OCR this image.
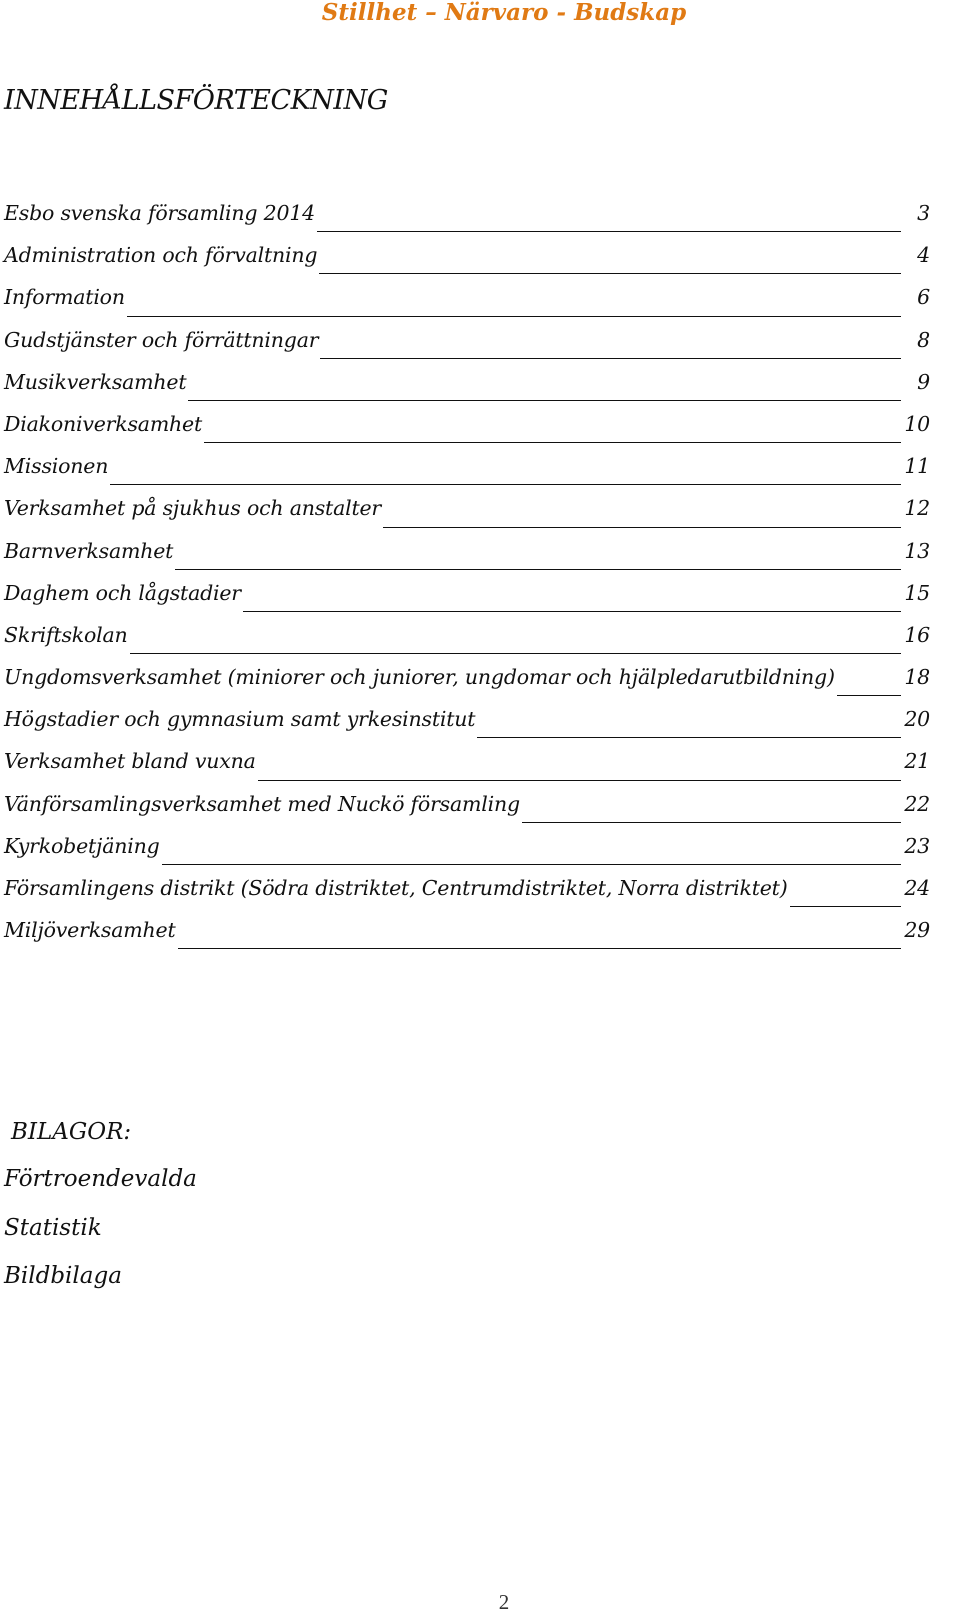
Stillhet – Närvaro - Budskap
INNEHÅLLSFÖRTECKNING
Esbo svenska församling 2014	3
Administration och förvaltning	4
Information	6
Gudstjänster och förrättningar	8
Musikverksamhet	9
Diakoniverksamhet	10
Missionen	11
Verksamhet på sjukhus och anstalter	12
Barnverksamhet	13
Daghem och lågstadier	15
Skriftskolan	16
Ungdomsverksamhet (miniorer och juniorer, ungdomar och hjälpledarutbildning)	18
Högstadier och gymnasium samt yrkesinstitut	20
Verksamhet bland vuxna	21
Vänförsamlingsverksamhet med Nuckö församling	22
Kyrkobetjäning	23
Församlingens distrikt (Södra distriktet, Centrumdistriktet, Norra distriktet)	24
Miljöverksamhet	29
BILAGOR:
Förtroendevalda
Statistik
Bildbilaga
2
